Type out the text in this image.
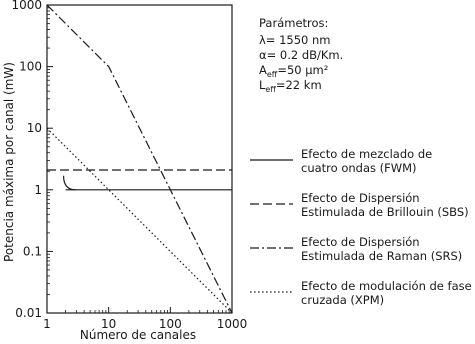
0.01
0.1
1
10
100
1000
1	10	100	1000
Parámetros:
λ= 1550 nm
α= 0.2 dB/Km.
$A_{eff}=50$ μm²
$L_{eff}=22$ km
Efecto de mezclado de
cuatro ondas (FWM)
Efecto de Dispersión
Estimulada de Brillouin (SBS)
Efecto de Dispersión
Estimulada de Raman (SRS)
Efecto de modulación de fase
cruzada (XPM)
Número de canales
Potencia máxima por canal (mW)
